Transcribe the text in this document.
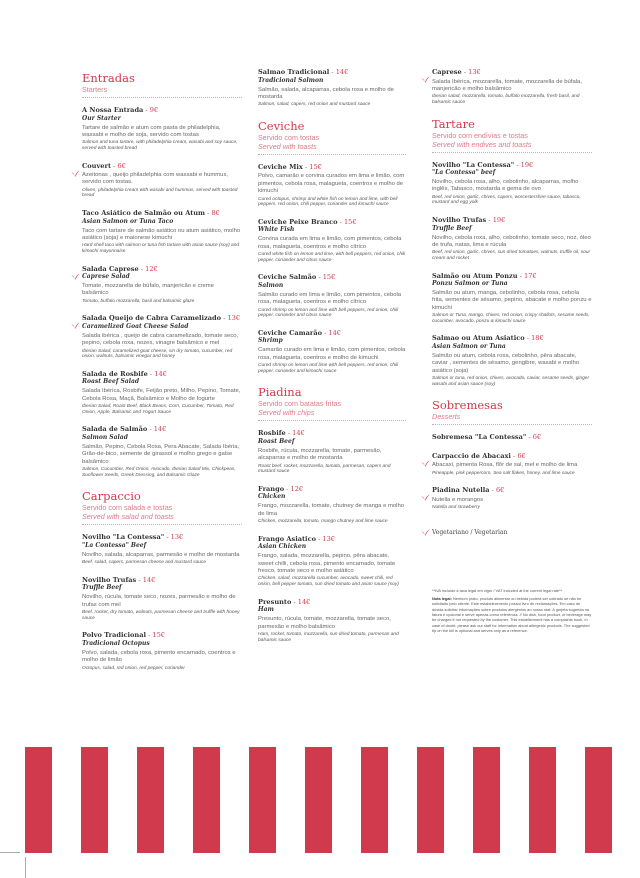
Entradas
Starters
A Nossa Entrada - 9€
Our Starter
Tartare de salmão e atum com pasta de philadelphia, wassabi e molho de soja, servido com tostas
Salmon and tuna tartare, with philadelphia cream, wasabi and soy sauce, served with toasted bread
Couvert - 6€
Azeitonas , queijo philadelphia com wassabi e hummus, servido com tostas.
Olives, philadelphia cream with wasabi and hummus, served with toasted bread
Taco Asiático de Salmão ou Atum - 8€
Asian Salmon or Tuna Taco
Taco com tartare de salmão asiático ou atum asiático, molho asiático (soja) e maionese kimuchi
Hard shell taco with salmon or tuna fish tartare with asian sauce (soy) and kimuchi mayonnaise
Salada Caprese - 12€
Caprese Salad
Tomate, mozzarella de búfalo, manjericão e creme balsâmico
Tomato, buffalo mozzarella, basil and balsamic glaze
Salada Queijo de Cabra Caramelizado - 13€
Caramelized Goat Cheese Salad
Salada ibérica , queijo de cabra caramelizado, tomate seco, pepino, cebola roxa, nozes, vinagre balsâmico e mel
Iberian Salad, caramelized goat cheese, sin dry tomato, cucumber, red onion, walnuts, balsamic vinegar and honey
Salada de Rosbife - 14€
Roast Beef Salad
Salada Ibérica, Rosbife, Feijão preto, Milho, Pepino, Tomate, Cebola Rosa, Maçã, Balsâmico e Molho de Iogurte
Iberian Salad, Roast Beef, Black Beans, Corn, Cucumber, Tomato, Red Onion, Apple, Balsamic and Yogurt Sauce
Salada de Salmão - 14€
Salmon Salad
Salmão, Pepino, Cebola Rosa, Pera Abacate, Salada Ibéria, Grão-de-bico, semente de girassol e molho grego e galse balsâmico
Salmon, Cucumber, Red Onion, Avocado, Iberian Salad Mix, Chickpeas, Sunflower Seeds, Greek Dressing, and Balsamic Glaze
Carpaccio
Servido com salada e tostas
Served with salad and toasts
Novilho "La Contessa" - 13€
"La Contessa" Beef
Novilho, salada, alcaparras, parmesão e molho de mostarda
Beef, salad, capers, parmesan cheese and mustard sauce
Novilho Trufas - 14€
Truffle Beef
Novilho, rúcula, tomate seco, nozes, parmesão e molho de trufas com mel
Beef, rocket, dry tomato, walnuts, parmesan cheese and truffle with honey sauce
Polvo Tradicional - 15€
Tradicional Octopus
Polvo, salada, cebola roxa, pimento encarnado, coentros e molho de limão
Octopus, salad, red onion, red pepper, coriander
Salmao Tradicional - 14€
Tradicional Salmon
Salmão, salada, alcaparras, cebola rosa e molho de mostarda
Salmon, salad, capers, red onion and mustard sauce
Ceviche
Servido com tostas
Served with toasts
Ceviche Mix - 15€
Polvo, camarão e corvina curados em lima e limão, com pimentos, cebola rosa, malagueta, coentros e molho de kimuchi
Cured octopus, shrimp and white fish on lemon and lime, with bell peppers, red onion, chili pepper, coriander and kimuchi sauce
Ceviche Peixe Branco - 15€
White Fish
Corvina curada em lima e limão, com pimentos, cebola rosa, malagueta, coentros e molho cítrico
Cured white fish on lemon and lime, with bell peppers, red onion, chili pepper, coriander and citrus sauce
Ceviche Salmão - 15€
Salmon
Salmão curado em lima e limão, com pimentos, cebola rosa, malagueta, coentros e molho cítrico
Cured shrimp on lemon and lime with bell peppers, red onion, chili pepper, coriander and citrus sauce
Ceviche Camarão - 14€
Shrimp
Camarão curado em lima e limão, com pimentos, cebola rosa, malagueta, coentros e molho de kimuchi
Cured shrimp on lemon and lime with bell peppers, red onion, chili pepper, coriander and kimuchi sauce
Piadina
Servido com batatas fritas
Served with chips
Rosbife - 14€
Roast Beef
Rosbife, rúcula, mozzarella, tomate, parmesão, alcaparras e molho de mostarda
Roast beef, rocket, mozzarella, tomato, parmesan, capers and mustard sauce
Frango - 12€
Chicken
Frango, mozzarella, tomate, chutney de manga e molho de lima
Chicken, mozzarella, tomato, mango chutney and lime sauce
Frango Asiatico - 13€
Asian Chicken
Frango, salada, mozzarella, pepino, pêra abacate, sweet chilli, cebola rosa, pimento encarnado, tomate fresco, tomate seco e molho asiático
Chicken, salad, mozzarella cucumber, avocado, sweet chili, red onion, bell pepper tomato, sun dried tomato and asian sauce (soy)
Presunto - 14€
Ham
Presunto, rúcula, tomate, mozzarella, tomate seco, parmesão e molho balsâmico
Ham, rocket, tomato, mozzarella, sun dried tomato, parmesan and balsamic sauce
Caprese - 13€
Salada Ibérica, mozzarella, tomate, mozzarella de búfala, manjericão e molho balsâmico
Iberian salad, mozzarella, tomato, buffalo mozzarella, fresh basil, and balsamic sauce
Tartare
Servido com endívias e tostas
Served with endives and toasts
Novilho "La Contessa" - 19€
"La Contessa" beef
Novilho, cebola rosa, alho, cebolinho, alcaparras, molho inglês, Tabasco, mostarda e gema de ovo
Beef, red onion, garlic, chives, capers, worcestershire sauce, tabasco, mustard and egg yolk
Novilho Trufas - 19€
Truffle Beef
Novilho, cebola roxa, alho, cebolinho, tomate seco, noz, óleo de trufa, natas, lima e rúcula
Beef, red onion, garlic, chives, sun dried tomatoes, walnuts, truffle oil, sour cream and rocket
Salmão ou Atum Ponzu - 17€
Ponzu Salmon or Tuna
Salmão ou atum, manga, cebolinho, cebola rosa, cebola frita, sementes de sésamo, pepino, abacate e molho ponzu e kimuchi
Salmon or Tuna, mango, chives, red onion, crispy shallots, sesame seeds, cucumber, avocado, ponzu & kimuchi sauce
Salmao ou Atum Asiatico - 18€
Asian Salmon or Tuna
Salmão ou atum, cebola rosa, cebolinho, pêra abacate, caviar , sementes de sésamo, gengibre, wasabi e molho asiático (soja)
Salmon or tuna, red onion, chives, avocado, caviar, sesame seeds, ginger wasabi and asian sauce (soy)
Sobremesas
Desserts
Sobremesa "La Contessa" - 6€
Carpaccio de Abacaxi - 6€
Abacaxi, pimenta Rosa, flôr de sal, mel e molho de lima
Pineapple, pink peppercorn, Sea salt flakes, honey, and lime sauce
Piadina Nutella - 6€
Nutella e morangos
Nutella and strawberry
Vegetariano / Vegetarian

**IVA incluído à taxa legal em vigor / VAT included at the current legal rate**

Nota legal: Nenhum prato, produto alimentar ou bebida poderá ser cobrado se não for solicitado pelo cliente. Este estabelecimento possui livro de reclamações. Em caso de dúvida solicitar informações sobre produtos alergénios ao nosso staf. A gorjeta sugerida na fatura é opcional e serve apenas como referência. // No dish, food product, or beverage may be charged if not requested by the customer. This establishment has a complaints book. In case of doubt, please ask our staff for information about allergenic products. The suggested tip on the bill is optional and serves only as a reference.
